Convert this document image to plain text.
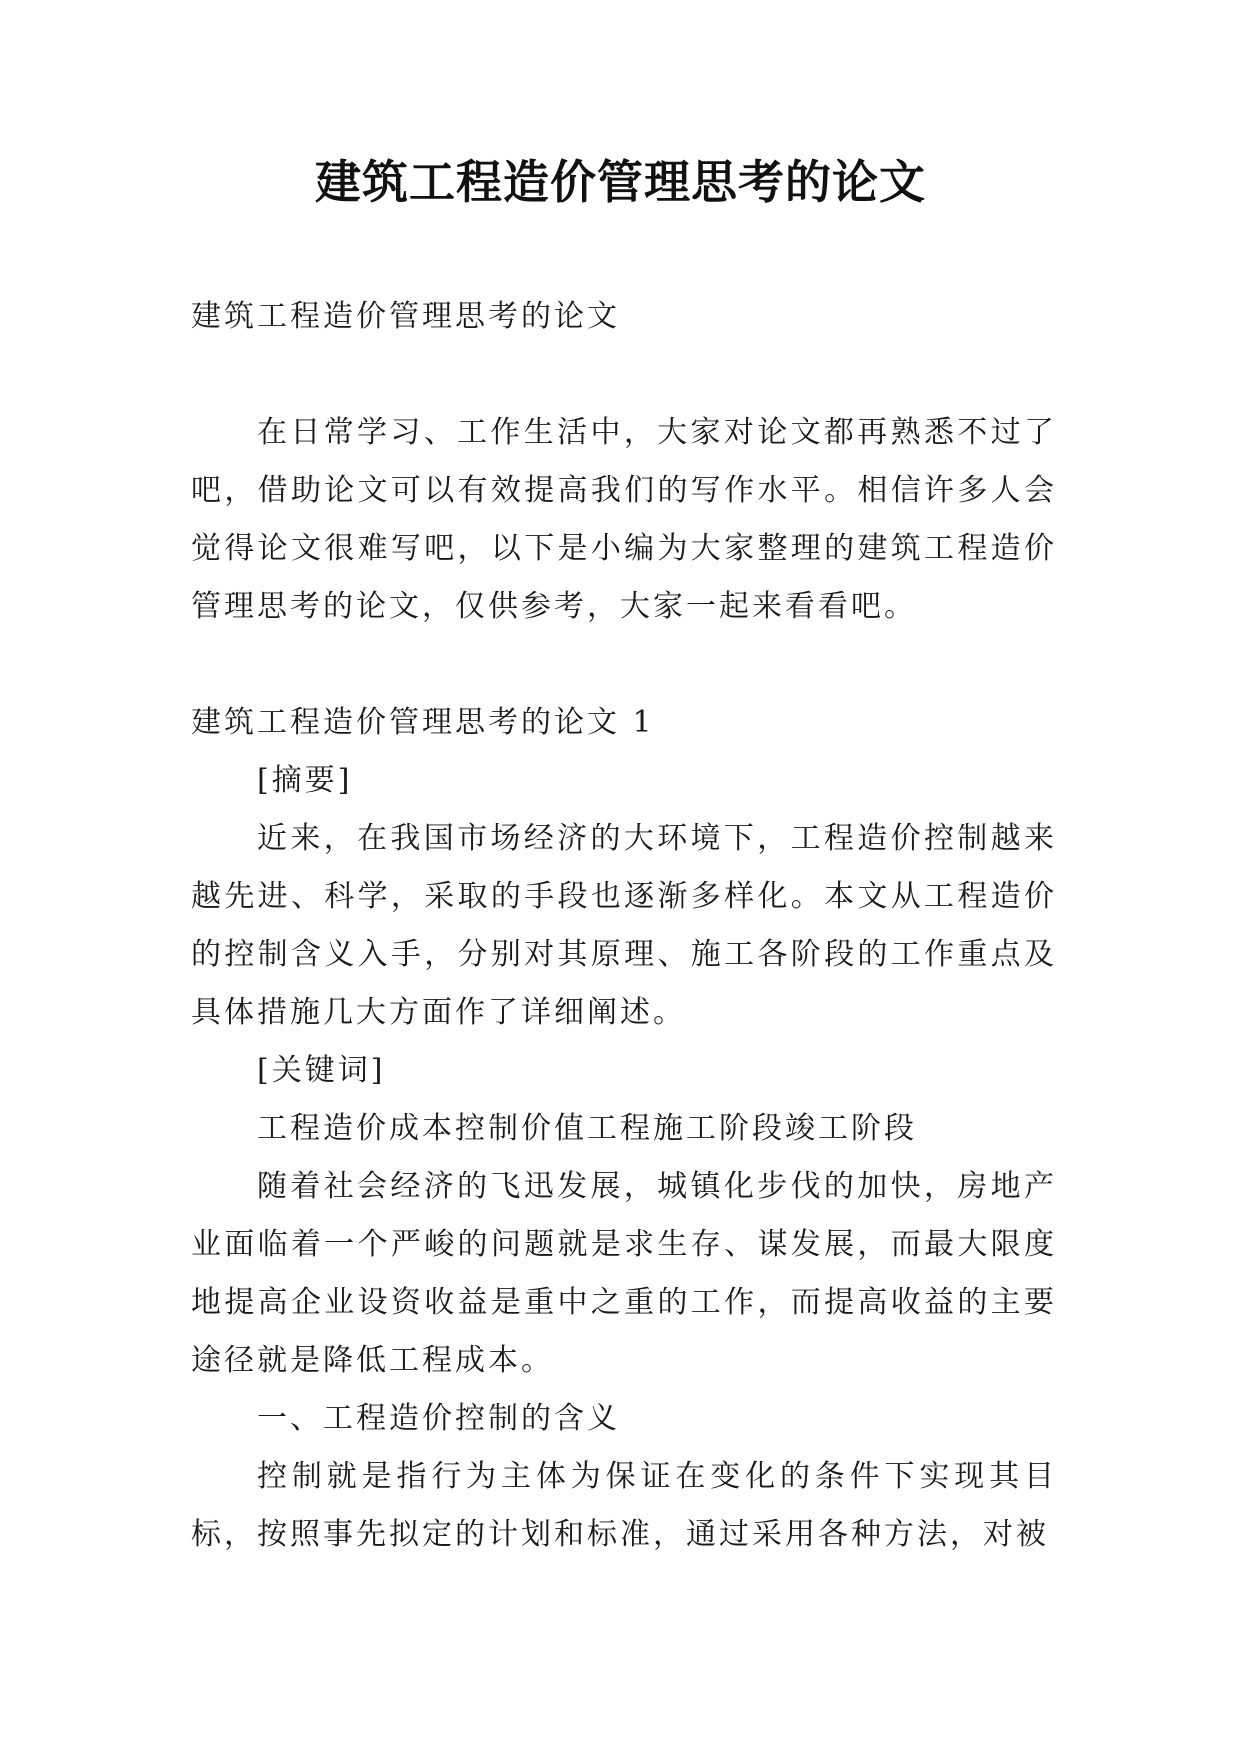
建筑工程造价管理思考的论文

建筑工程造价管理思考的论文

在日常学习、工作生活中，大家对论文都再熟悉不过了吧，借助论文可以有效提高我们的写作水平。相信许多人会觉得论文很难写吧，以下是小编为大家整理的建筑工程造价管理思考的论文，仅供参考，大家一起来看看吧。

建筑工程造价管理思考的论文 1

[摘要]

近来，在我国市场经济的大环境下，工程造价控制越来越先进、科学，采取的手段也逐渐多样化。本文从工程造价的控制含义入手，分别对其原理、施工各阶段的工作重点及具体措施几大方面作了详细阐述。

[关键词]

工程造价成本控制价值工程施工阶段竣工阶段

随着社会经济的飞迅发展，城镇化步伐的加快，房地产业面临着一个严峻的问题就是求生存、谋发展，而最大限度地提高企业设资收益是重中之重的工作，而提高收益的主要途径就是降低工程成本。

一、工程造价控制的含义

控制就是指行为主体为保证在变化的条件下实现其目标，按照事先拟定的计划和标准，通过采用各种方法，对被
